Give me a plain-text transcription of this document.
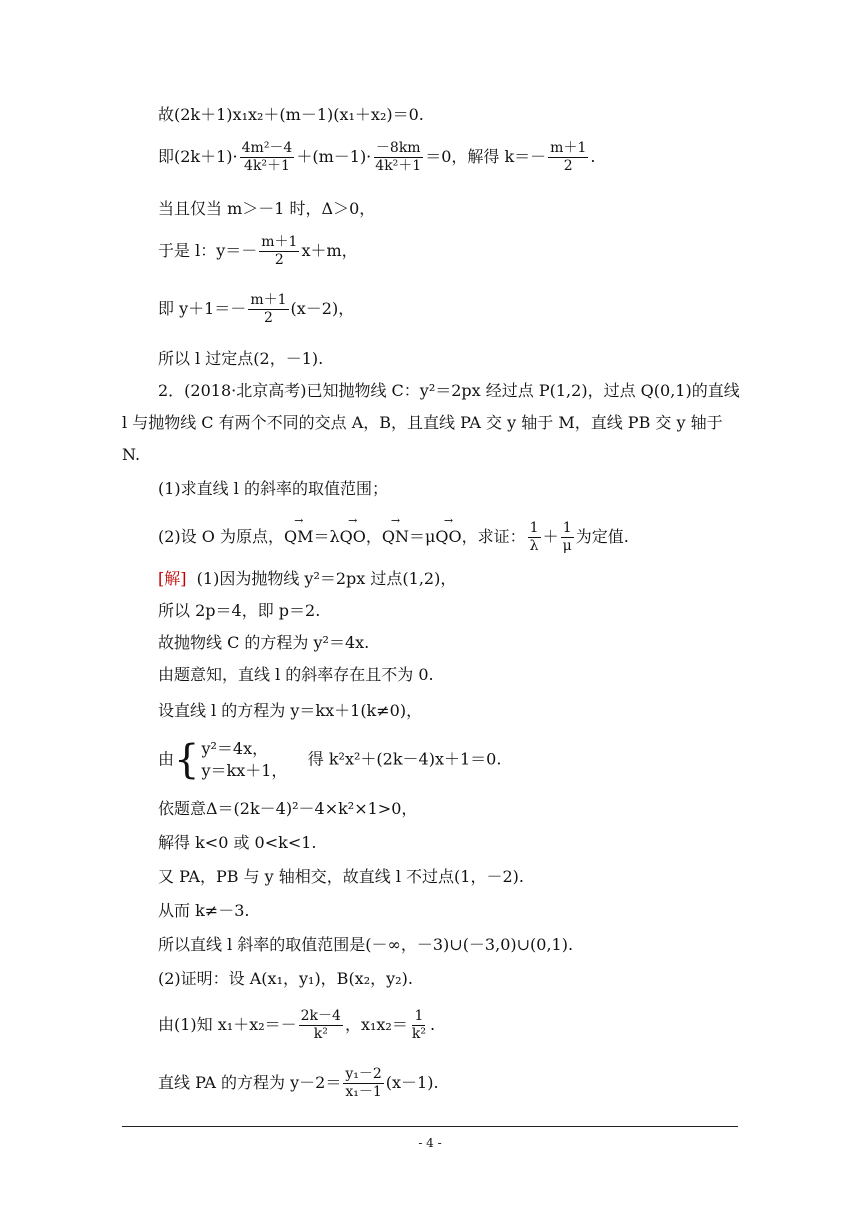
故(2k＋1)x₁x₂＋(m－1)(x₁＋x₂)＝0.
即$(2k+1)\cdot \frac{\text{4m²－4}}{\text{4k²＋1}} +(m-1)\cdot \frac{-8km}{\text{4k²＋1}} =0$，解得 $k=- \frac{m+1}{2}$ .
当且仅当 m＞－1 时，Δ＞0，
于是 l：$y=- \frac{m+1}{2} x+m$，
即 $y+1=- \frac{m+1}{2} (x-2)$，
所以 l 过定点(2，－1).
2．(2018·北京高考)已知抛物线 C：y²＝2px 经过点 P(1,2)，过点 Q(0,1)的直线
l 与抛物线 C 有两个不同的交点 A，B，且直线 PA 交 y 轴于 M，直线 PB 交 y 轴于
N.
(1)求直线 l 的斜率的取值范围；
(2)设 O 为原点，→ QM＝λ→ QO，→ QN＝μ→ QO，求证： $\frac{1}{\lambda} + \frac{1}{\mu}$ 为定值.
[解] (1)因为抛物线 y²＝2px 过点(1,2)，
所以 2p＝4，即 p＝2.
故抛物线 C 的方程为 y²＝4x.
由题意知，直线 l 的斜率存在且不为 0.
设直线 l 的方程为 y＝kx＋1(k≠0)，
由{ y²＝4x，
y＝kx＋1，
得 k²x²＋(2k－4)x＋1＝0.
依题意Δ＝(2k－4)²－4×k²×1>0，
解得 k<0 或 0<k<1.
又 PA，PB 与 y 轴相交，故直线 l 不过点(1，－2).
从而 k≠－3.
所以直线 l 斜率的取值范围是(－∞，－3)∪(－3,0)∪(0,1).
(2)证明：设 A(x₁，y₁)，B(x₂，y₂).
由(1)知 $x_1+x_2=- \frac{2k-4}{\text{k²}}$ ，$x_1x_2= \frac{1}{\text{k²}}$ .
直线 PA 的方程为 $y-2= \frac{\text{y₁－2}}{\text{x₁－1}} (x-1)$.
- 4 -
